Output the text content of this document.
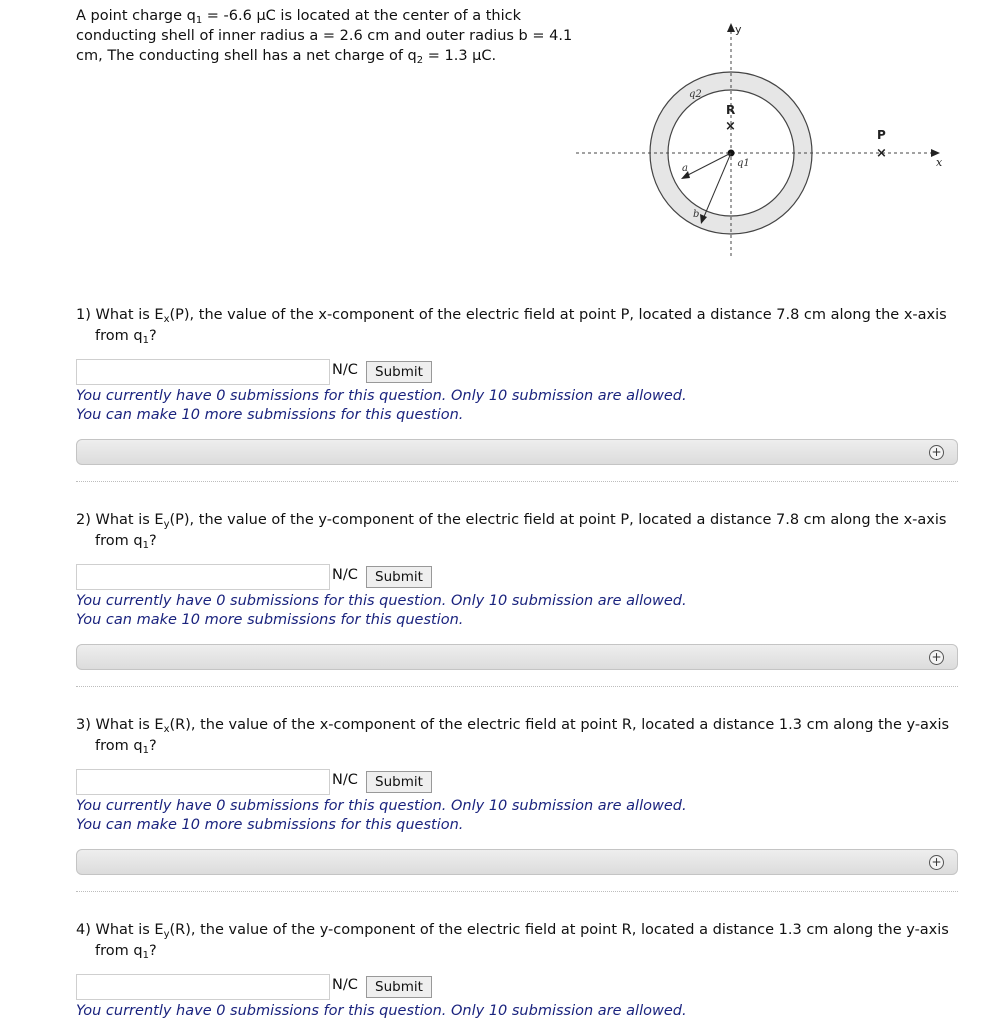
A point charge $q_1 = -6.6$ μC is located at the center of a thick
conducting shell of inner radius a = 2.6 cm and outer radius b = 4.1
cm, The conducting shell has a net charge of $q_2 = 1.3$ μC.
y
x
q1
q2
a
b
R
×
P
×

1) What is $E_x(P)$, the value of the x-component of the electric field at point P, located a distance 7.8 cm along the x-axis
from $q_1$?

N/C	Submit

You currently have 0 submissions for this question. Only 10 submission are allowed.

You can make 10 more submissions for this question.

+

2) What is $E_y(P)$, the value of the y-component of the electric field at point P, located a distance 7.8 cm along the x-axis
from $q_1$?

N/C	Submit

You currently have 0 submissions for this question. Only 10 submission are allowed.

You can make 10 more submissions for this question.

+

3) What is $E_x(R)$, the value of the x-component of the electric field at point R, located a distance 1.3 cm along the y-axis
from $q_1$?

N/C	Submit

You currently have 0 submissions for this question. Only 10 submission are allowed.

You can make 10 more submissions for this question.

+

4) What is $E_y(R)$, the value of the y-component of the electric field at point R, located a distance 1.3 cm along the y-axis
from $q_1$?

N/C	Submit

You currently have 0 submissions for this question. Only 10 submission are allowed.
